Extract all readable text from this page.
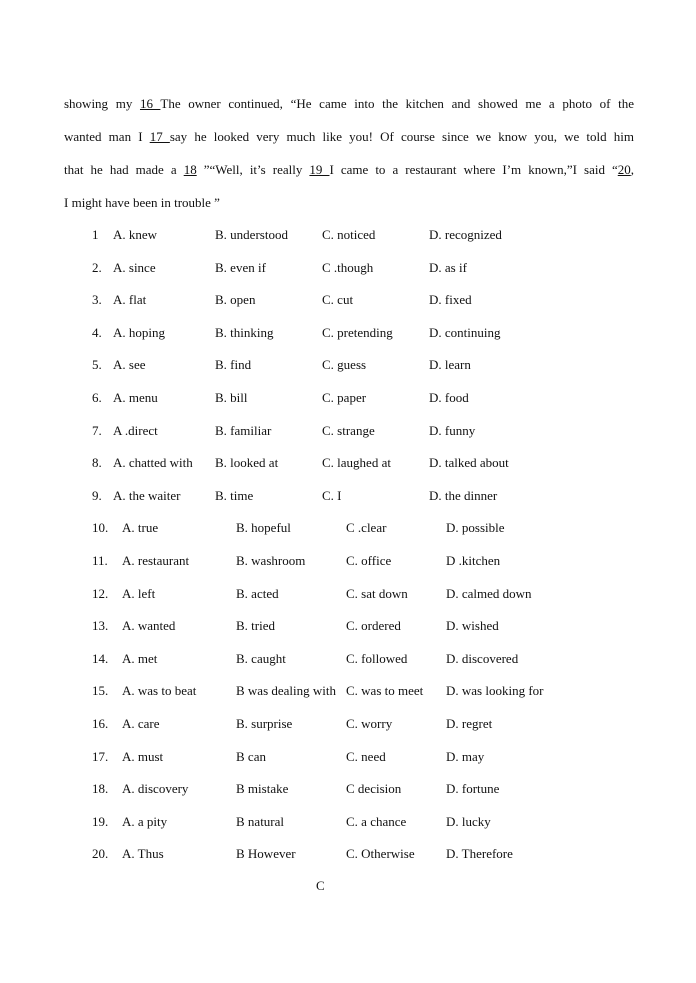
showing my 16 The owner continued, “He came into the kitchen and showed me a photo of the
wanted man I 17 say he looked very much like you! Of course since we know you, we told him
that he had made a 18 ”“Well, it’s really 19 I came to a restaurant where I’m known,”I said “20,
I might have been in trouble ”
1 A. knew	B. understood	C. noticed	D. recognized
2. A. since	B. even if	C .though	D. as if
3. A. flat	B. open	C. cut	D. fixed
4. A. hoping	B. thinking	C. pretending	D. continuing
5. A. see	B. find	C. guess	D. learn
6. A. menu	B. bill	C. paper	D. food
7. A .direct	B. familiar	C. strange	D. funny
8. A. chatted with B. looked at	C. laughed at	D. talked about
9. A. the waiter	B. time	C. I	D. the dinner
10. A. true	B. hopeful	C .clear	D. possible
11. A. restaurant	B. washroom	C. office	D .kitchen
12. A. left	B. acted	C. sat down	D. calmed down
13. A. wanted	B. tried	C. ordered	D. wished
14. A. met	B. caught	C. followed	D. discovered
15. A. was to beat	B was dealing with C. was to meet D. was looking for
16. A. care	B. surprise	C. worry	D. regret
17. A. must	B can	C. need	D. may
18. A. discovery	B mistake	C decision	D. fortune
19. A. a pity	B natural	C. a chance	D. lucky
20. A. Thus	B However	C. Otherwise D. Therefore
C
